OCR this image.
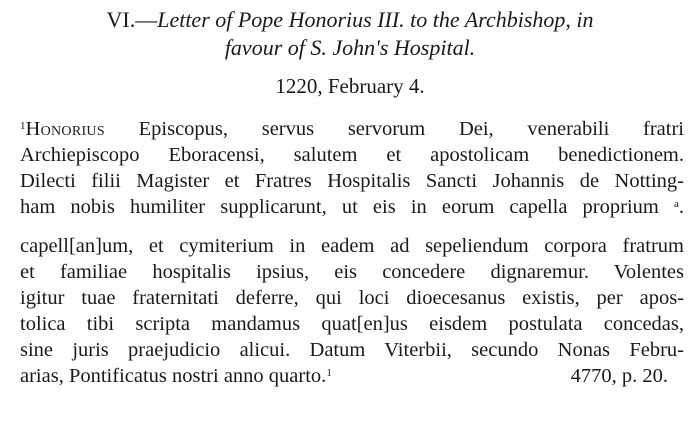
VI.—Letter of Pope Honorius III. to the Archbishop, in
favour of S. John's Hospital.
1220, February 4.
$^1$Honorius Episcopus, servus servorum Dei, venerabili fratri
Archiepiscopo Eboracensi, salutem et apostolicam benedictionem.
Dilecti filii Magister et Fratres Hospitalis Sancti Johannis de Notting-
ham nobis humiliter supplicarunt, ut eis in eorum capella proprium $^a$.
capell[an]um, et cymiterium in eadem ad sepeliendum corpora fratrum
et familiae hospitalis ipsius, eis concedere dignaremur. Volentes
igitur tuae fraternitati deferre, qui loci dioecesanus existis, per apos-
tolica tibi scripta mandamus quat[en]us eisdem postulata concedas,
sine juris praejudicio alicui. Datum Viterbii, secundo Nonas Febru-
arias, Pontificatus nostri anno quarto.$^1$	4770, p. 20.
